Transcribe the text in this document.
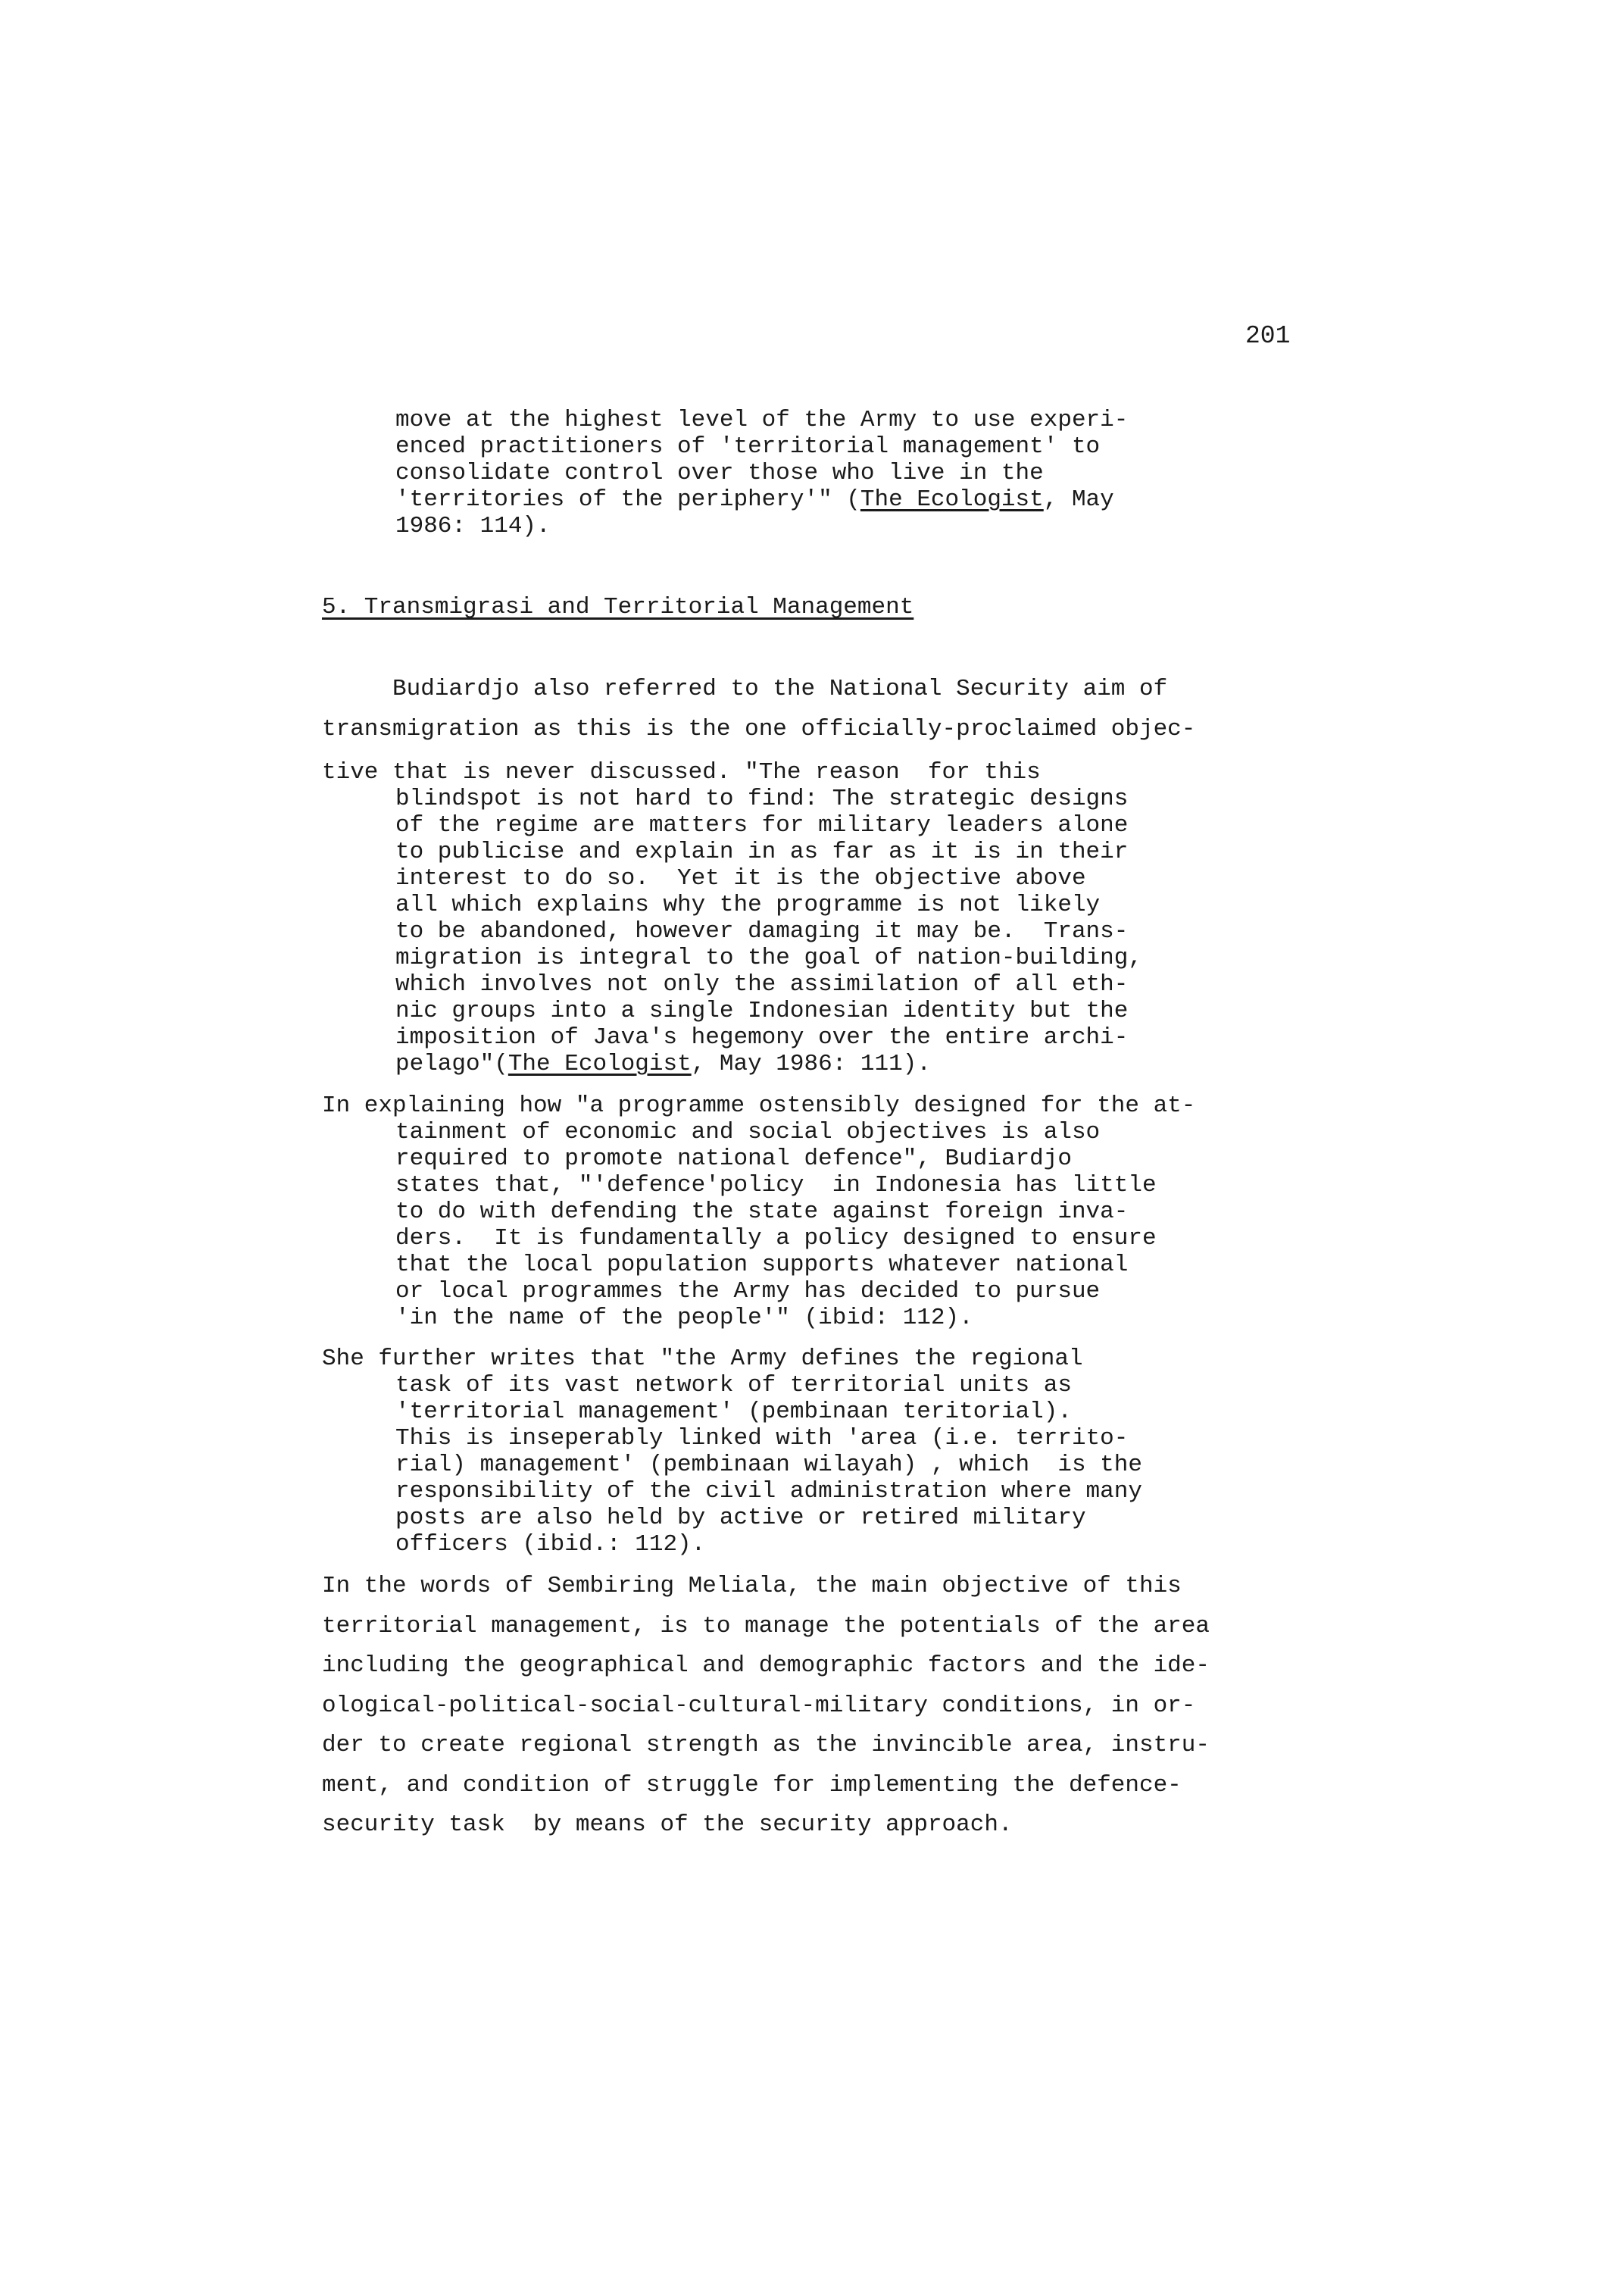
201
move at the highest level of the Army to use experi-
enced practitioners of 'territorial management' to
consolidate control over those who live in the
'territories of the periphery'" (The Ecologist, May
1986: 114).
5. Transmigrasi and Territorial Management
Budiardjo also referred to the National Security aim of
transmigration as this is the one officially-proclaimed objec-
tive that is never discussed. "The reason  for this
blindspot is not hard to find: The strategic designs
of the regime are matters for military leaders alone
to publicise and explain in as far as it is in their
interest to do so.  Yet it is the objective above
all which explains why the programme is not likely
to be abandoned, however damaging it may be.  Trans-
migration is integral to the goal of nation-building,
which involves not only the assimilation of all eth-
nic groups into a single Indonesian identity but the
imposition of Java's hegemony over the entire archi-
pelago"(The Ecologist, May 1986: 111).
In explaining how "a programme ostensibly designed for the at-
tainment of economic and social objectives is also
required to promote national defence", Budiardjo
states that, "'defence'policy  in Indonesia has little
to do with defending the state against foreign inva-
ders.  It is fundamentally a policy designed to ensure
that the local population supports whatever national
or local programmes the Army has decided to pursue
'in the name of the people'" (ibid: 112).
She further writes that "the Army defines the regional
task of its vast network of territorial units as
'territorial management' (pembinaan teritorial).
This is inseperably linked with 'area (i.e. territo-
rial) management' (pembinaan wilayah) , which  is the
responsibility of the civil administration where many
posts are also held by active or retired military
officers (ibid.: 112).
In the words of Sembiring Meliala, the main objective of this
territorial management, is to manage the potentials of the area
including the geographical and demographic factors and the ide-
ological-political-social-cultural-military conditions, in or-
der to create regional strength as the invincible area, instru-
ment, and condition of struggle for implementing the defence-
security task  by means of the security approach.
